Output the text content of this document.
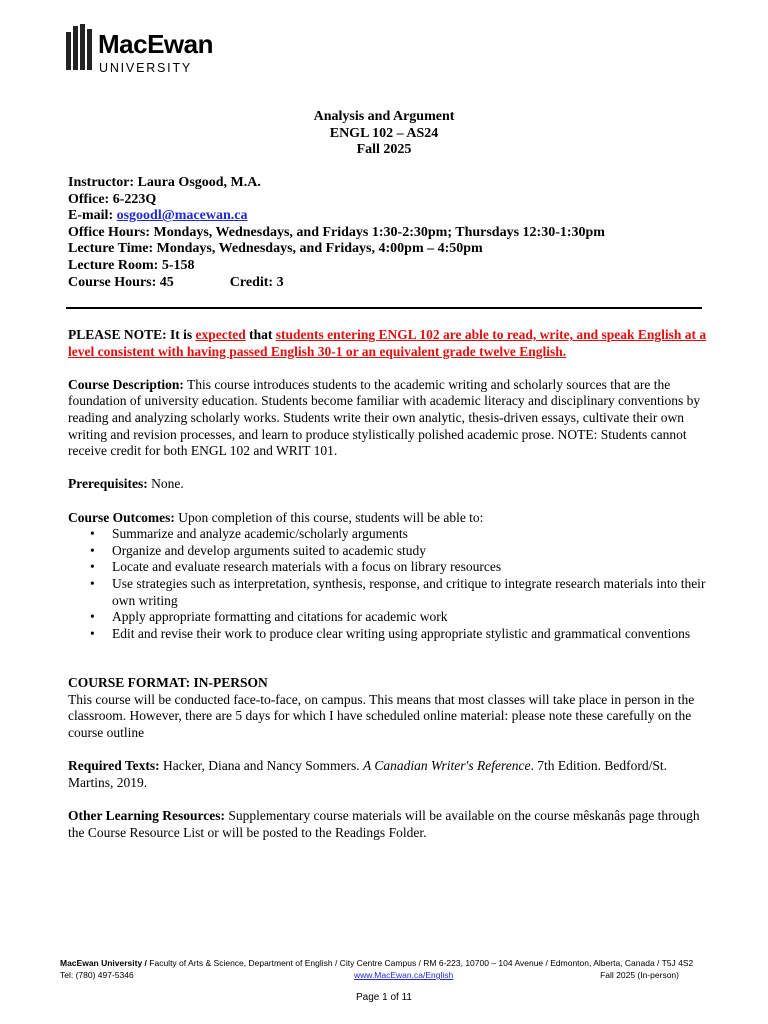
MacEwan
UNIVERSITY
Analysis and Argument
ENGL 102 – AS24
Fall 2025
Instructor: Laura Osgood, M.A.
Office: 6-223Q
E-mail: osgoodl@macewan.ca
Office Hours: Mondays, Wednesdays, and Fridays 1:30-2:30pm; Thursdays 12:30-1:30pm
Lecture Time: Mondays, Wednesdays, and Fridays, 4:00pm – 4:50pm
Lecture Room: 5-158
Course Hours: 45	Credit: 3

PLEASE NOTE: It is expected that students entering ENGL 102 are able to read, write, and speak English at a level consistent with having passed English 30-1 or an equivalent grade twelve English.

Course Description: This course introduces students to the academic writing and scholarly sources that are the foundation of university education. Students become familiar with academic literacy and disciplinary conventions by reading and analyzing scholarly works. Students write their own analytic, thesis-driven essays, cultivate their own writing and revision processes, and learn to produce stylistically polished academic prose. NOTE: Students cannot receive credit for both ENGL 102 and WRIT 101.

Prerequisites: None.

Course Outcomes: Upon completion of this course, students will be able to:

• Summarize and analyze academic/scholarly arguments
• Organize and develop arguments suited to academic study
• Locate and evaluate research materials with a focus on library resources
• Use strategies such as interpretation, synthesis, response, and critique to integrate research materials into their own writing
• Apply appropriate formatting and citations for academic work
• Edit and revise their work to produce clear writing using appropriate stylistic and grammatical conventions

COURSE FORMAT: IN-PERSON

This course will be conducted face-to-face, on campus. This means that most classes will take place in person in the classroom. However, there are 5 days for which I have scheduled online material: please note these carefully on the course outline

Required Texts: Hacker, Diana and Nancy Sommers. A Canadian Writer's Reference. 7th Edition. Bedford/St. Martins, 2019.

Other Learning Resources: Supplementary course materials will be available on the course mêskanâs page through the Course Resource List or will be posted to the Readings Folder.

MacEwan University / Faculty of Arts & Science, Department of English / City Centre Campus / RM 6-223, 10700 – 104 Avenue / Edmonton, Alberta, Canada / T5J 4S2
Tel: (780) 497-5346	www.MacEwan.ca/English	Fall 2025 (In-person)
Page 1 of 11
